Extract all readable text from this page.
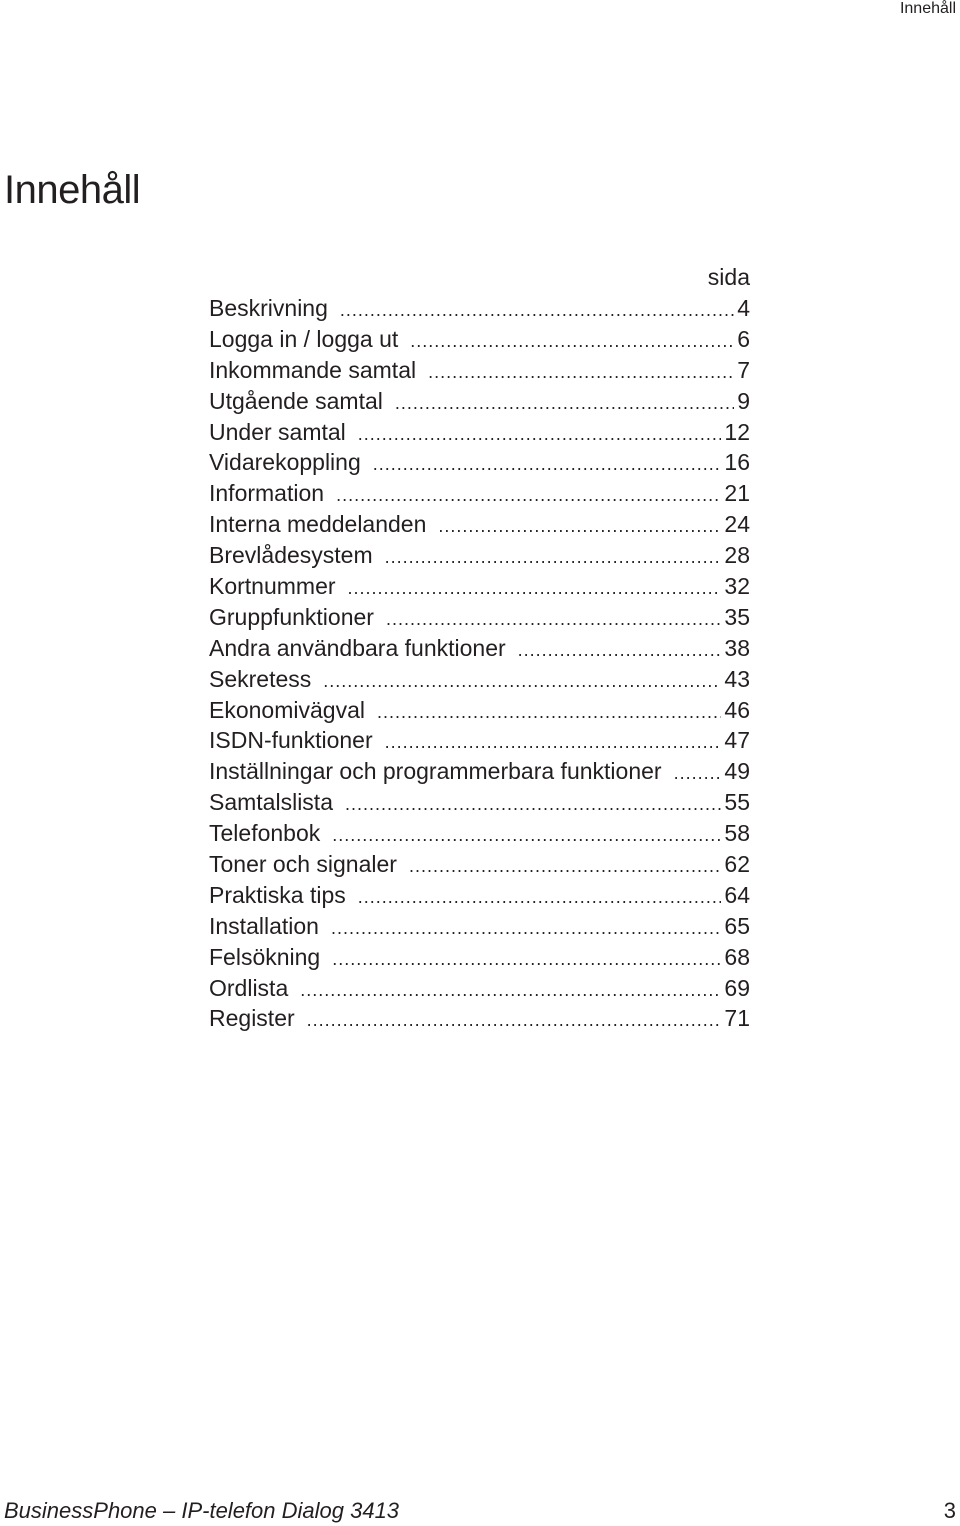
Innehåll
Innehåll
sida
Beskrivning .....	4
Logga in / logga ut .....	6
Inkommande samtal .....	7
Utgående samtal .....	9
Under samtal .....	12
Vidarekoppling .....	16
Information .....	21
Interna meddelanden .....	24
Brevlådesystem .....	28
Kortnummer .....	32
Gruppfunktioner .....	35
Andra användbara funktioner .....	38
Sekretess .....	43
Ekonomivägval .....	46
ISDN-funktioner .....	47
Inställningar och programmerbara funktioner .....	49
Samtalslista .....	55
Telefonbok .....	58
Toner och signaler .....	62
Praktiska tips .....	64
Installation .....	65
Felsökning .....	68
Ordlista .....	69
Register .....	71
BusinessPhone – IP-telefon Dialog 3413	3
